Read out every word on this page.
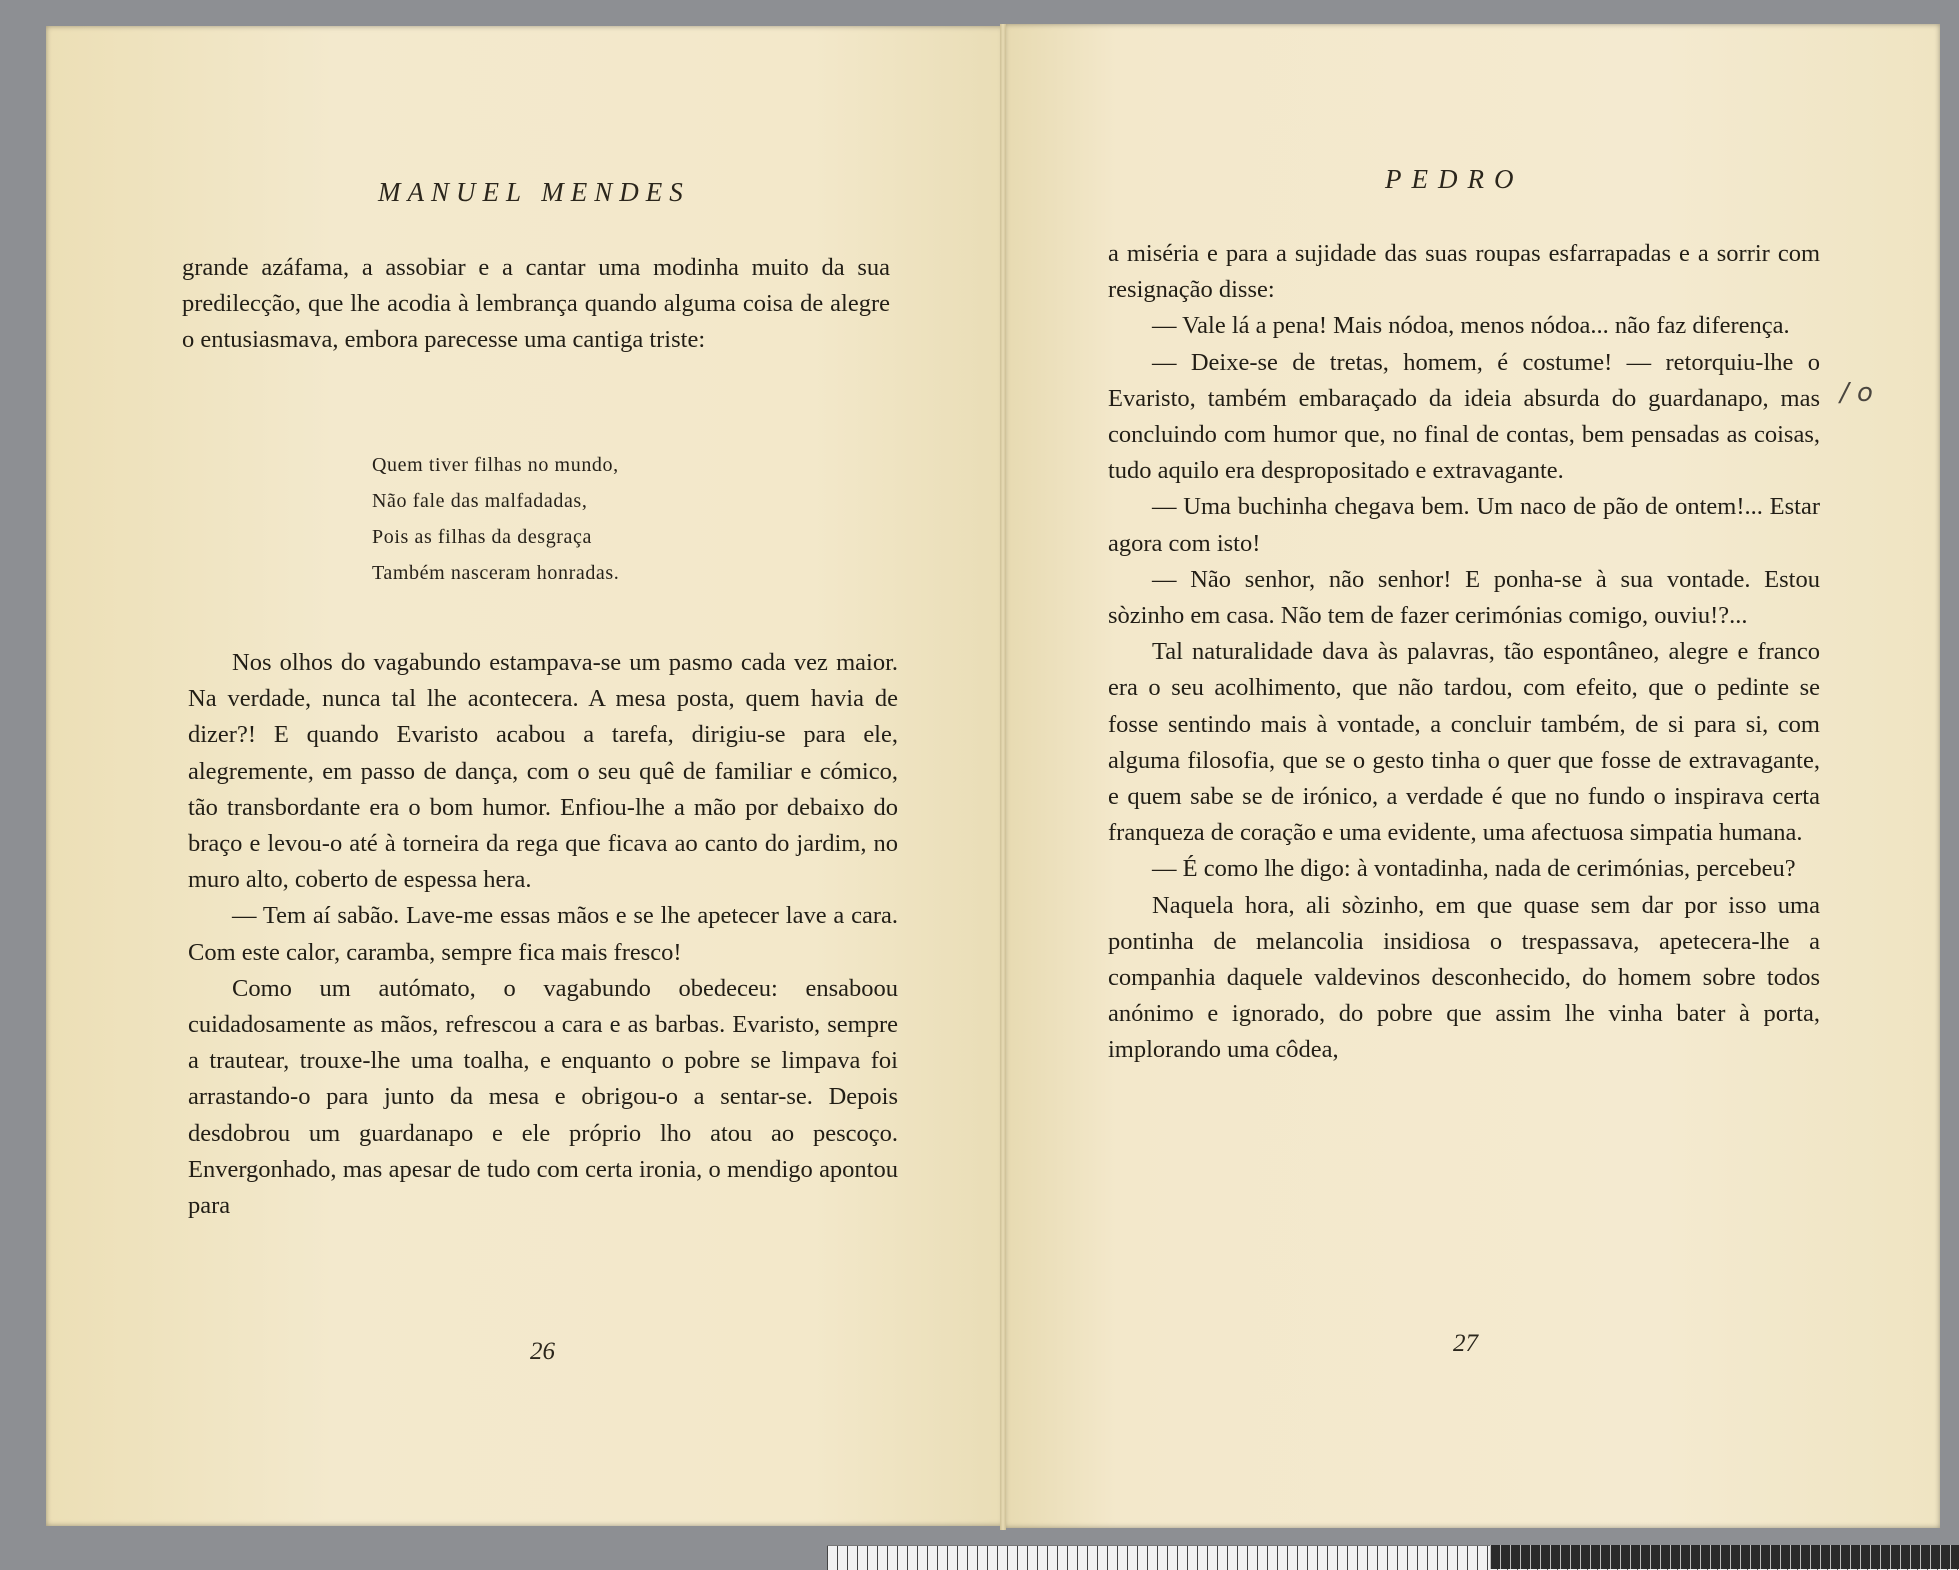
MANUEL MENDES

grande azáfama, a assobiar e a cantar uma modinha muito da sua predilecção, que lhe acodia à lembrança quando alguma coisa de alegre o entusiasmava, embora parecesse uma cantiga triste:

Quem tiver filhas no mundo,
Não fale das malfadadas,
Pois as filhas da desgraça
Também nasceram honradas.

Nos olhos do vagabundo estampava-se um pasmo cada vez maior. Na verdade, nunca tal lhe acontecera. A mesa posta, quem havia de dizer?! E quando Evaristo acabou a tarefa, dirigiu-se para ele, alegremente, em passo de dança, com o seu quê de familiar e cómico, tão transbordante era o bom humor. Enfiou-lhe a mão por debaixo do braço e levou-o até à torneira da rega que ficava ao canto do jardim, no muro alto, coberto de espessa hera.

— Tem aí sabão. Lave-me essas mãos e se lhe apetecer lave a cara. Com este calor, caramba, sempre fica mais fresco!

Como um autómato, o vagabundo obedeceu: ensaboou cuidadosamente as mãos, refrescou a cara e as barbas. Evaristo, sempre a trautear, trouxe-lhe uma toalha, e enquanto o pobre se limpava foi arrastando-o para junto da mesa e obrigou-o a sentar-se. Depois desdobrou um guardanapo e ele próprio lho atou ao pescoço. Envergonhado, mas apesar de tudo com certa ironia, o mendigo apontou para

26
PEDRO

a miséria e para a sujidade das suas roupas esfarrapadas e a sorrir com resignação disse:

— Vale lá a pena! Mais nódoa, menos nódoa... não faz diferença.

— Deixe-se de tretas, homem, é costume! — retorquiu-lhe o Evaristo, também embaraçado da ideia absurda do guardanapo, mas concluindo com humor que, no final de contas, bem pensadas as coisas, tudo aquilo era despropositado e extravagante.

— Uma buchinha chegava bem. Um naco de pão de ontem!... Estar agora com isto!

— Não senhor, não senhor! E ponha-se à sua vontade. Estou sòzinho em casa. Não tem de fazer cerimónias comigo, ouviu!?...

Tal naturalidade dava às palavras, tão espontâneo, alegre e franco era o seu acolhimento, que não tardou, com efeito, que o pedinte se fosse sentindo mais à vontade, a concluir também, de si para si, com alguma filosofia, que se o gesto tinha o quer que fosse de extravagante, e quem sabe se de irónico, a verdade é que no fundo o inspirava certa franqueza de coração e uma evidente, uma afectuosa simpatia humana.

— É como lhe digo: à vontadinha, nada de cerimónias, percebeu?

Naquela hora, ali sòzinho, em que quase sem dar por isso uma pontinha de melancolia insidiosa o trespassava, apetecera-lhe a companhia daquele valdevinos desconhecido, do homem sobre todos anónimo e ignorado, do pobre que assim lhe vinha bater à porta, implorando uma côdea,

/ o
27
